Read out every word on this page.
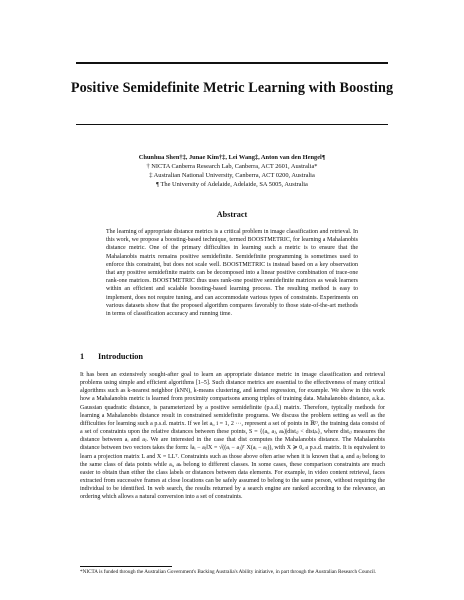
Positive Semidefinite Metric Learning with Boosting
Chunhua Shen†‡, Junae Kim†‡, Lei Wang‡, Anton van den Hengel¶
† NICTA Canberra Research Lab, Canberra, ACT 2601, Australia*
‡ Australian National University, Canberra, ACT 0200, Australia
¶ The University of Adelaide, Adelaide, SA 5005, Australia
Abstract
The learning of appropriate distance metrics is a critical problem in image classification and retrieval. In this work, we propose a boosting-based technique, termed BOOSTMETRIC, for learning a Mahalanobis distance metric. One of the primary difficulties in learning such a metric is to ensure that the Mahalanobis matrix remains positive semidefinite. Semidefinite programming is sometimes used to enforce this constraint, but does not scale well. BOOSTMETRIC is instead based on a key observation that any positive semidefinite matrix can be decomposed into a linear positive combination of trace-one rank-one matrices. BOOSTMETRIC thus uses rank-one positive semidefinite matrices as weak learners within an efficient and scalable boosting-based learning process. The resulting method is easy to implement, does not require tuning, and can accommodate various types of constraints. Experiments on various datasets show that the proposed algorithm compares favorably to those state-of-the-art methods in terms of classification accuracy and running time.
1 Introduction
It has been an extensively sought-after goal to learn an appropriate distance metric in image classification and retrieval problems using simple and efficient algorithms [1–5]. Such distance metrics are essential to the effectiveness of many critical algorithms such as k-nearest neighbor (kNN), k-means clustering, and kernel regression, for example. We show in this work how a Mahalanobis metric is learned from proximity comparisons among triples of training data. Mahalanobis distance, a.k.a. Gaussian quadratic distance, is parameterized by a positive semidefinite (p.s.d.) matrix. Therefore, typically methods for learning a Mahalanobis distance result in constrained semidefinite programs. We discuss the problem setting as well as the difficulties for learning such a p.s.d. matrix. If we let aᵢ, i = 1, 2 ···, represent a set of points in ℝᴰ, the training data consist of a set of constraints upon the relative distances between these points, S = {(aᵢ, aⱼ, aₖ)|distᵢⱼ < distᵢₖ}, where distᵢⱼ measures the distance between aᵢ and aⱼ. We are interested in the case that dist computes the Mahalanobis distance. The Mahalanobis distance between two vectors takes the form: ‖aᵢ − aⱼ‖X = √((aᵢ − aⱼ)ᵀ X(aᵢ − aⱼ)), with X ≽ 0, a p.s.d. matrix. It is equivalent to learn a projection matrix L and X = LLᵀ. Constraints such as those above often arise when it is known that aᵢ and aⱼ belong to the same class of data points while aᵢ, aₖ belong to different classes. In some cases, these comparison constraints are much easier to obtain than either the class labels or distances between data elements. For example, in video content retrieval, faces extracted from successive frames at close locations can be safely assumed to belong to the same person, without requiring the individual to be identified. In web search, the results returned by a search engine are ranked according to the relevance, an ordering which allows a natural conversion into a set of constraints.
*NICTA is funded through the Australian Government's Backing Australia's Ability initiative, in part through the Australian Research Council.
